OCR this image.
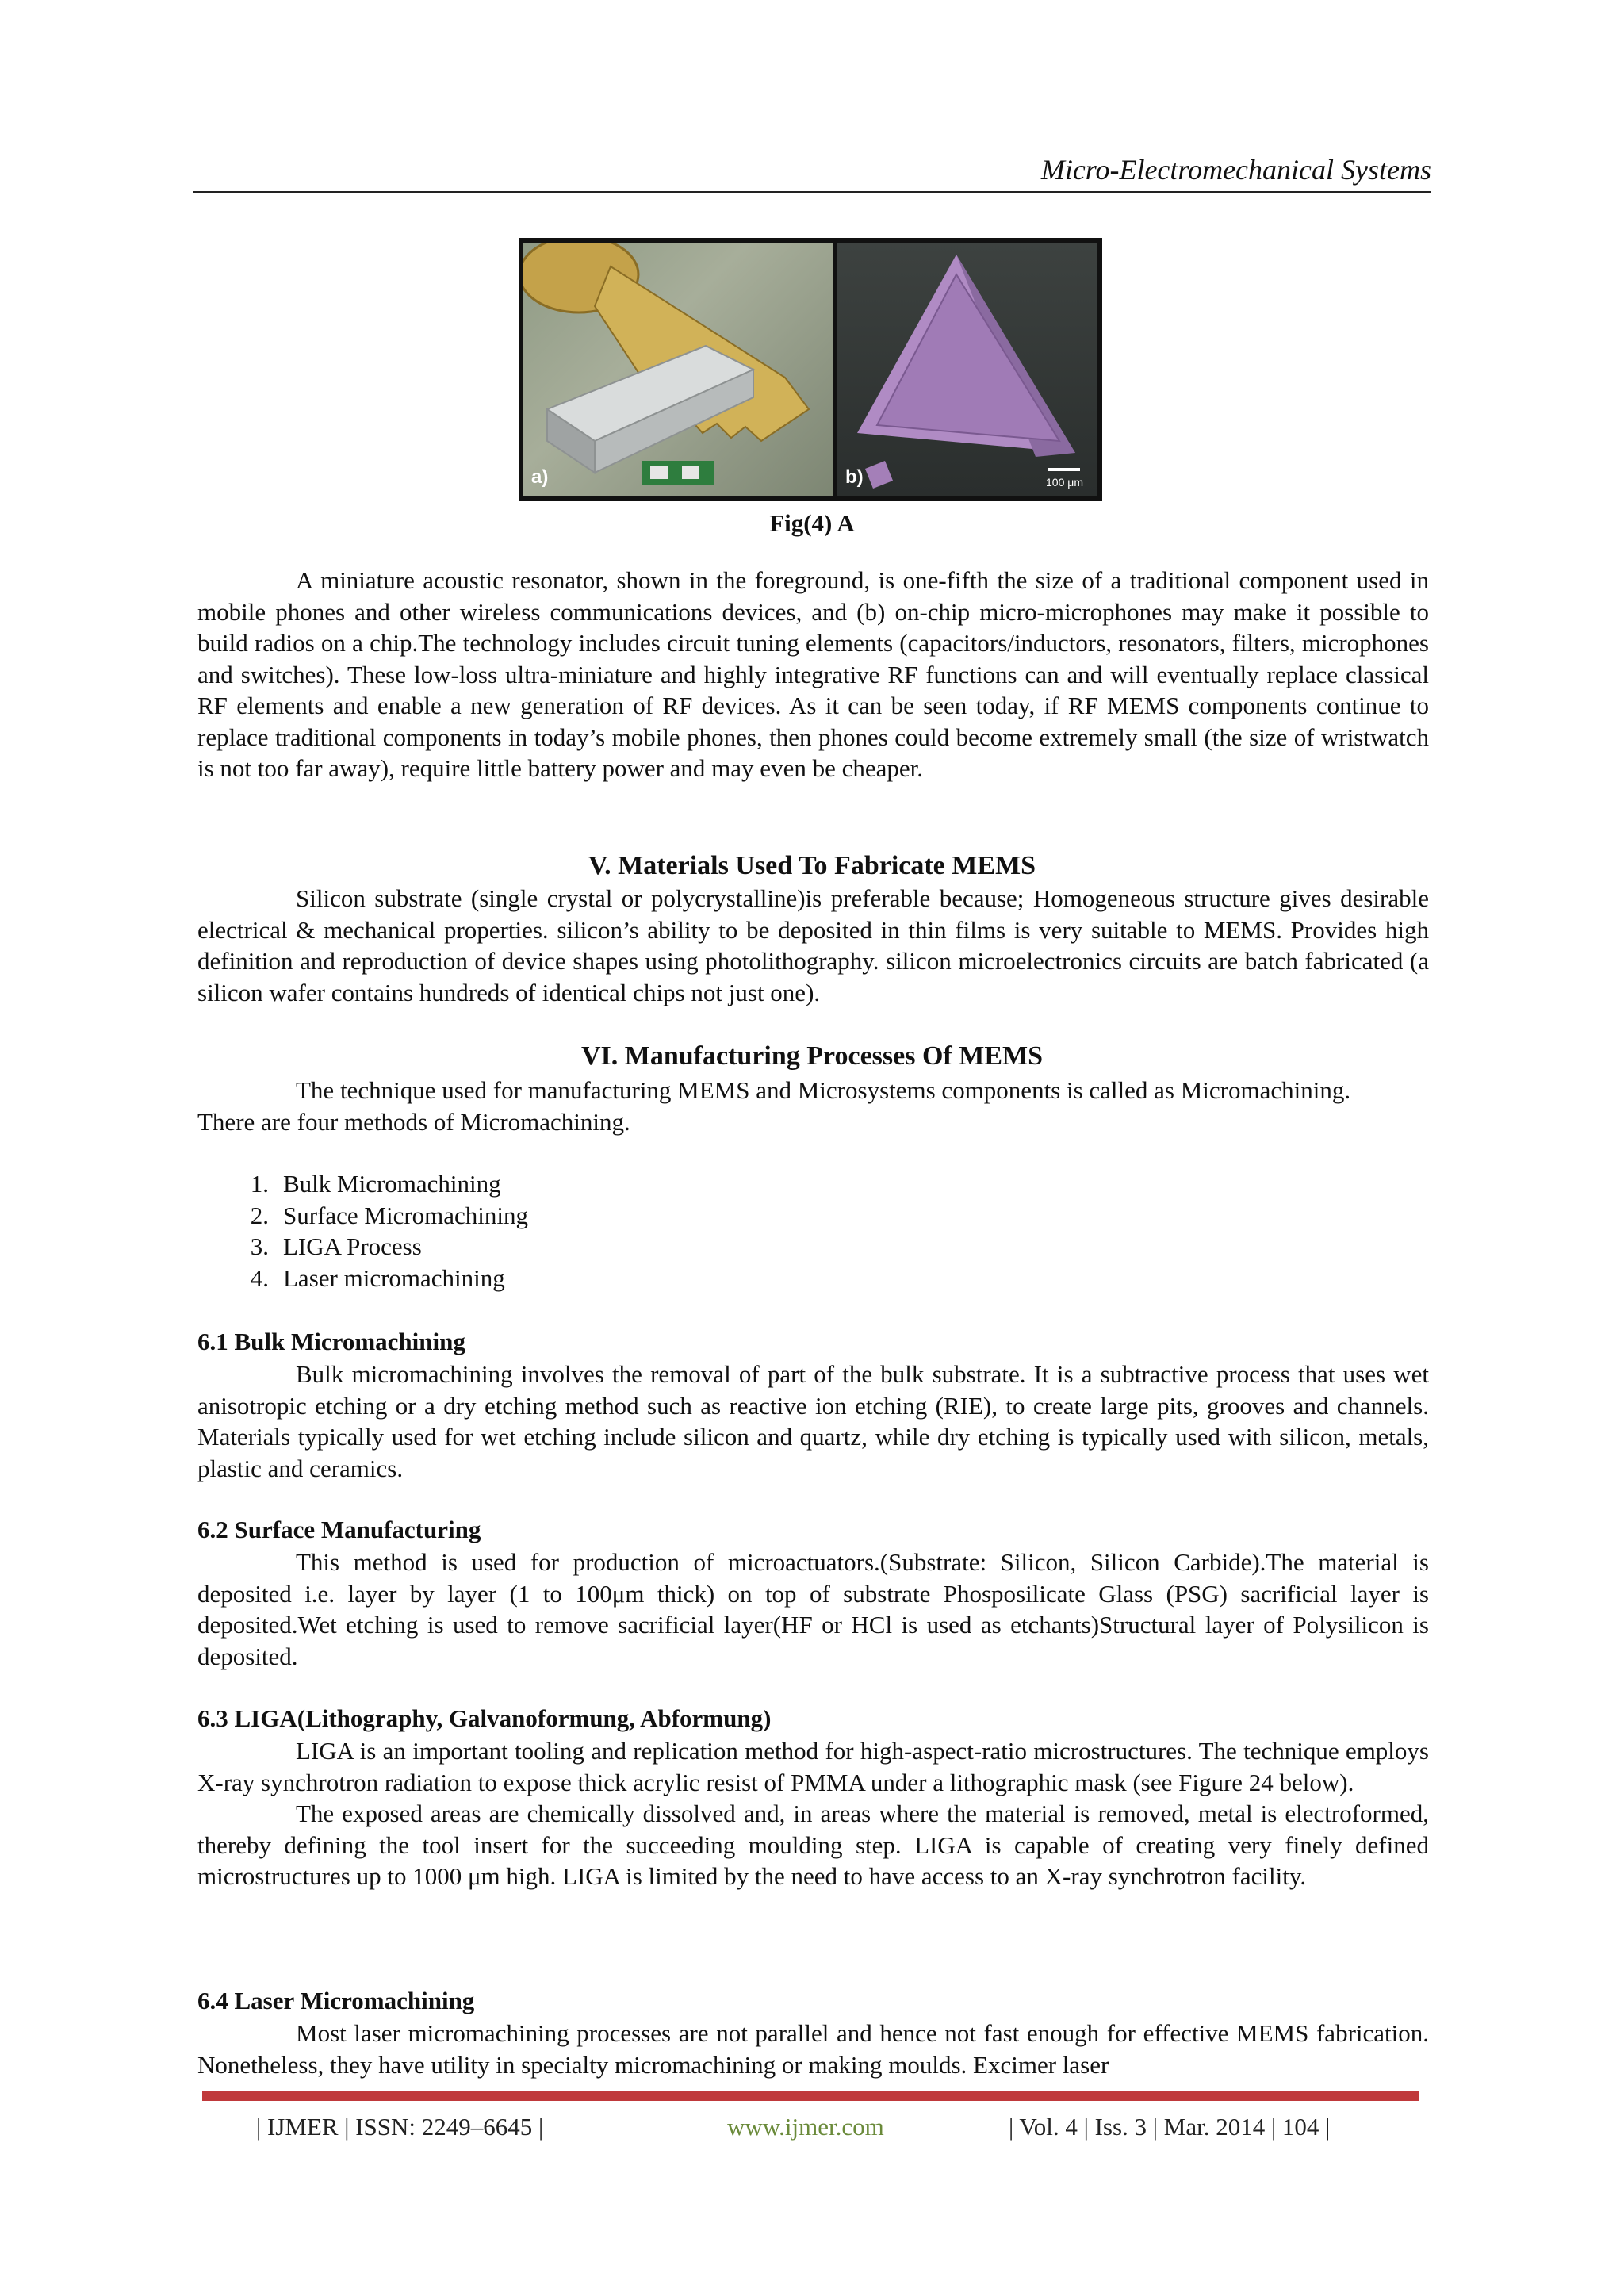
Micro-Electromechanical Systems
a)	b)	100 μm
Fig(4) A

A miniature acoustic resonator, shown in the foreground, is one-fifth the size of a traditional component used in mobile phones and other wireless communications devices, and (b) on-chip micro-microphones may make it possible to build radios on a chip.The technology includes circuit tuning elements (capacitors/inductors, resonators, filters, microphones and switches). These low-loss ultra-miniature and highly integrative RF functions can and will eventually replace classical RF elements and enable a new generation of RF devices. As it can be seen today, if RF MEMS components continue to replace traditional components in today’s mobile phones, then phones could become extremely small (the size of wristwatch is not too far away), require little battery power and may even be cheaper.

V. Materials Used To Fabricate MEMS

Silicon substrate (single crystal or polycrystalline)is preferable because; Homogeneous structure gives desirable electrical & mechanical properties. silicon’s ability to be deposited in thin films is very suitable to MEMS. Provides high definition and reproduction of device shapes using photolithography. silicon microelectronics circuits are batch fabricated (a silicon wafer contains hundreds of identical chips not just one).

VI. Manufacturing Processes Of MEMS

The technique used for manufacturing MEMS and Microsystems components is called as Micromachining.

There are four methods of Micromachining.

1. Bulk Micromachining
2. Surface Micromachining
3. LIGA Process
4. Laser micromachining
6.1 Bulk Micromachining

Bulk micromachining involves the removal of part of the bulk substrate. It is a subtractive process that uses wet anisotropic etching or a dry etching method such as reactive ion etching (RIE), to create large pits, grooves and channels. Materials typically used for wet etching include silicon and quartz, while dry etching is typically used with silicon, metals, plastic and ceramics.

6.2 Surface Manufacturing

This method is used for production of microactuators.(Substrate: Silicon, Silicon Carbide).The material is deposited i.e. layer by layer (1 to 100μm thick) on top of substrate Phosposilicate Glass (PSG) sacrificial layer is deposited.Wet etching is used to remove sacrificial layer(HF or HCl is used as etchants)Structural layer of Polysilicon is deposited.

6.3 LIGA(Lithography, Galvanoformung, Abformung)

LIGA is an important tooling and replication method for high-aspect-ratio microstructures. The technique employs X-ray synchrotron radiation to expose thick acrylic resist of PMMA under a lithographic mask (see Figure 24 below).

The exposed areas are chemically dissolved and, in areas where the material is removed, metal is electroformed, thereby defining the tool insert for the succeeding moulding step. LIGA is capable of creating very finely defined microstructures up to 1000 μm high. LIGA is limited by the need to have access to an X-ray synchrotron facility.

6.4 Laser Micromachining

Most laser micromachining processes are not parallel and hence not fast enough for effective MEMS fabrication. Nonetheless, they have utility in specialty micromachining or making moulds. Excimer laser

| IJMER | ISSN: 2249–6645 |	www.ijmer.com	| Vol. 4 | Iss. 3 | Mar. 2014 | 104 |
